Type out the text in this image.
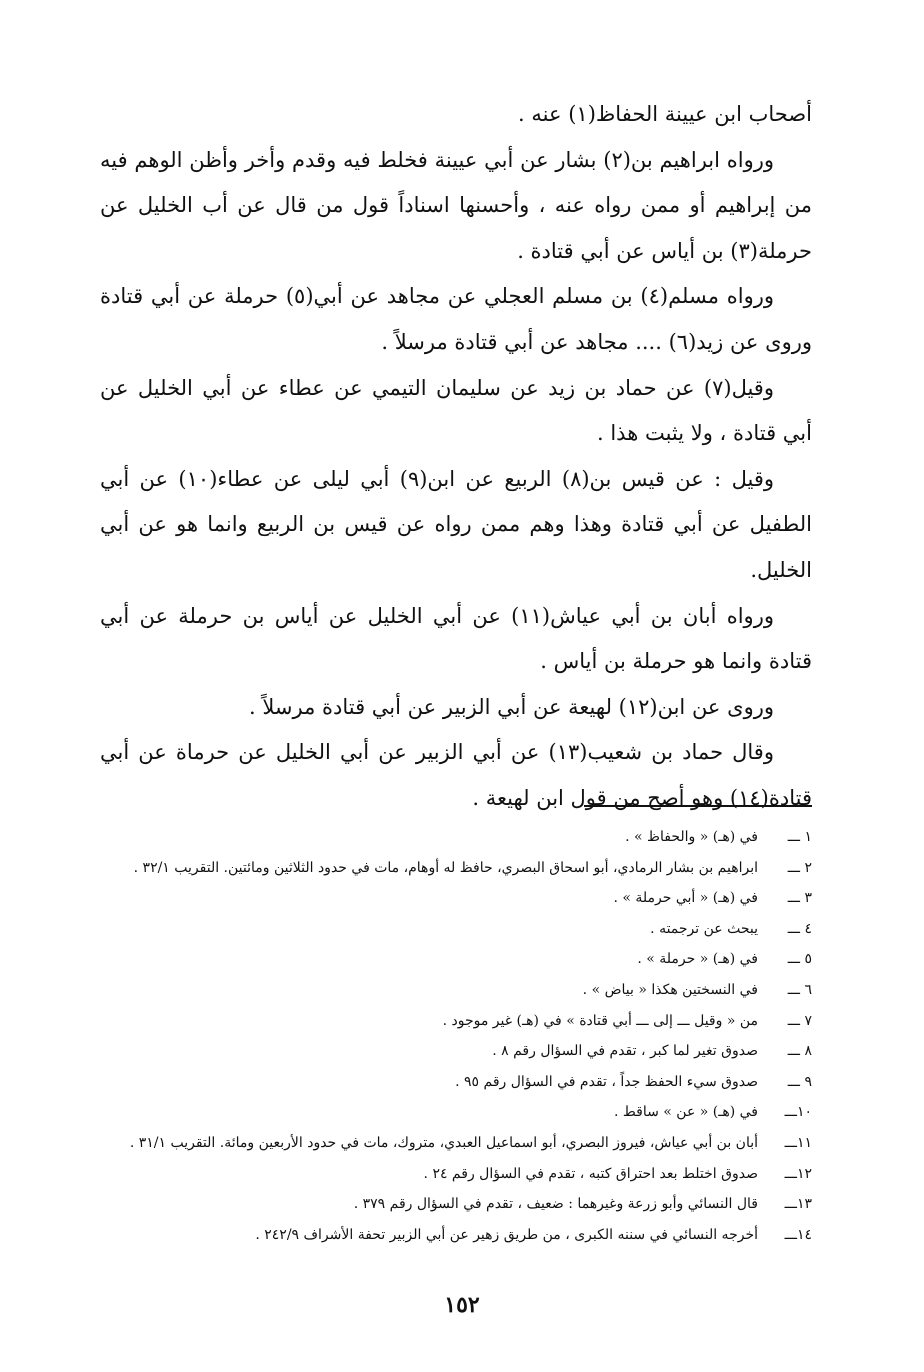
أصحاب ابن عيينة الحفاظ(١) عنه .

ورواه ابراهيم بن(٢) بشار عن أبي عيينة فخلط فيه وقدم وأخر وأظن الوهم فيه من إبراهيم أو ممن رواه عنه ، وأحسنها اسناداً قول من قال عن أب الخليل عن حرملة(٣) بن أياس عن أبي قتادة .

ورواه مسلم(٤) بن مسلم العجلي عن مجاهد عن أبي(٥) حرملة عن أبي قتادة وروى عن زيد(٦) .... مجاهد عن أبي قتادة مرسلاً .

وقيل(٧) عن حماد بن زيد عن سليمان التيمي عن عطاء عن أبي الخليل عن أبي قتادة ، ولا يثبت هذا .

وقيل : عن قيس بن(٨) الربيع عن ابن(٩) أبي ليلى عن عطاء(١٠) عن أبي الطفيل عن أبي قتادة وهذا وهم ممن رواه عن قيس بن الربيع وانما هو عن أبي الخليل.

ورواه أبان بن أبي عياش(١١) عن أبي الخليل عن أياس بن حرملة عن أبي قتادة وانما هو حرملة بن أياس .

وروى عن ابن(١٢) لهيعة عن أبي الزبير عن أبي قتادة مرسلاً .

وقال حماد بن شعيب(١٣) عن أبي الزبير عن أبي الخليل عن حرماة عن أبي قتادة(١٤) وهو أصح من قول ابن لهيعة .

١ ـــ
في (هـ) « والحفاظ » .
٢ ـــ
ابراهيم بن بشار الرمادي، أبو اسحاق البصري، حافظ له أوهام، مات في حدود الثلاثين ومائتين. التقريب ٣٢/١ .
٣ ـــ
في (هـ) « أبي حرملة » .
٤ ـــ
يبحث عن ترجمته .
٥ ـــ
في (هـ) « حرملة » .
٦ ـــ
في النسختين هكذا « بياض » .
٧ ـــ
من « وقيل ـــ إلى ـــ أبي قتادة » في (هـ) غير موجود .
٨ ـــ
صدوق تغير لما كبر ، تقدم في السؤال رقم ٨ .
٩ ـــ
صدوق سيء الحفظ جداً ، تقدم في السؤال رقم ٩٥ .
١٠ـــ
في (هـ) « عن » ساقط .
١١ـــ
أبان بن أبي عياش، فيروز البصري، أبو اسماعيل العبدي، متروك، مات في حدود الأربعين ومائة. التقريب ٣١/١ .
١٢ـــ
صدوق اختلط بعد احتراق كتبه ، تقدم في السؤال رقم ٢٤ .
١٣ـــ
قال النسائي وأبو زرعة وغيرهما : ضعيف ، تقدم في السؤال رقم ٣٧٩ .
١٤ـــ
أخرجه النسائي في سننه الكبرى ، من طريق زهير عن أبي الزبير تحفة الأشراف ٢٤٢/٩ .
١٥٢
